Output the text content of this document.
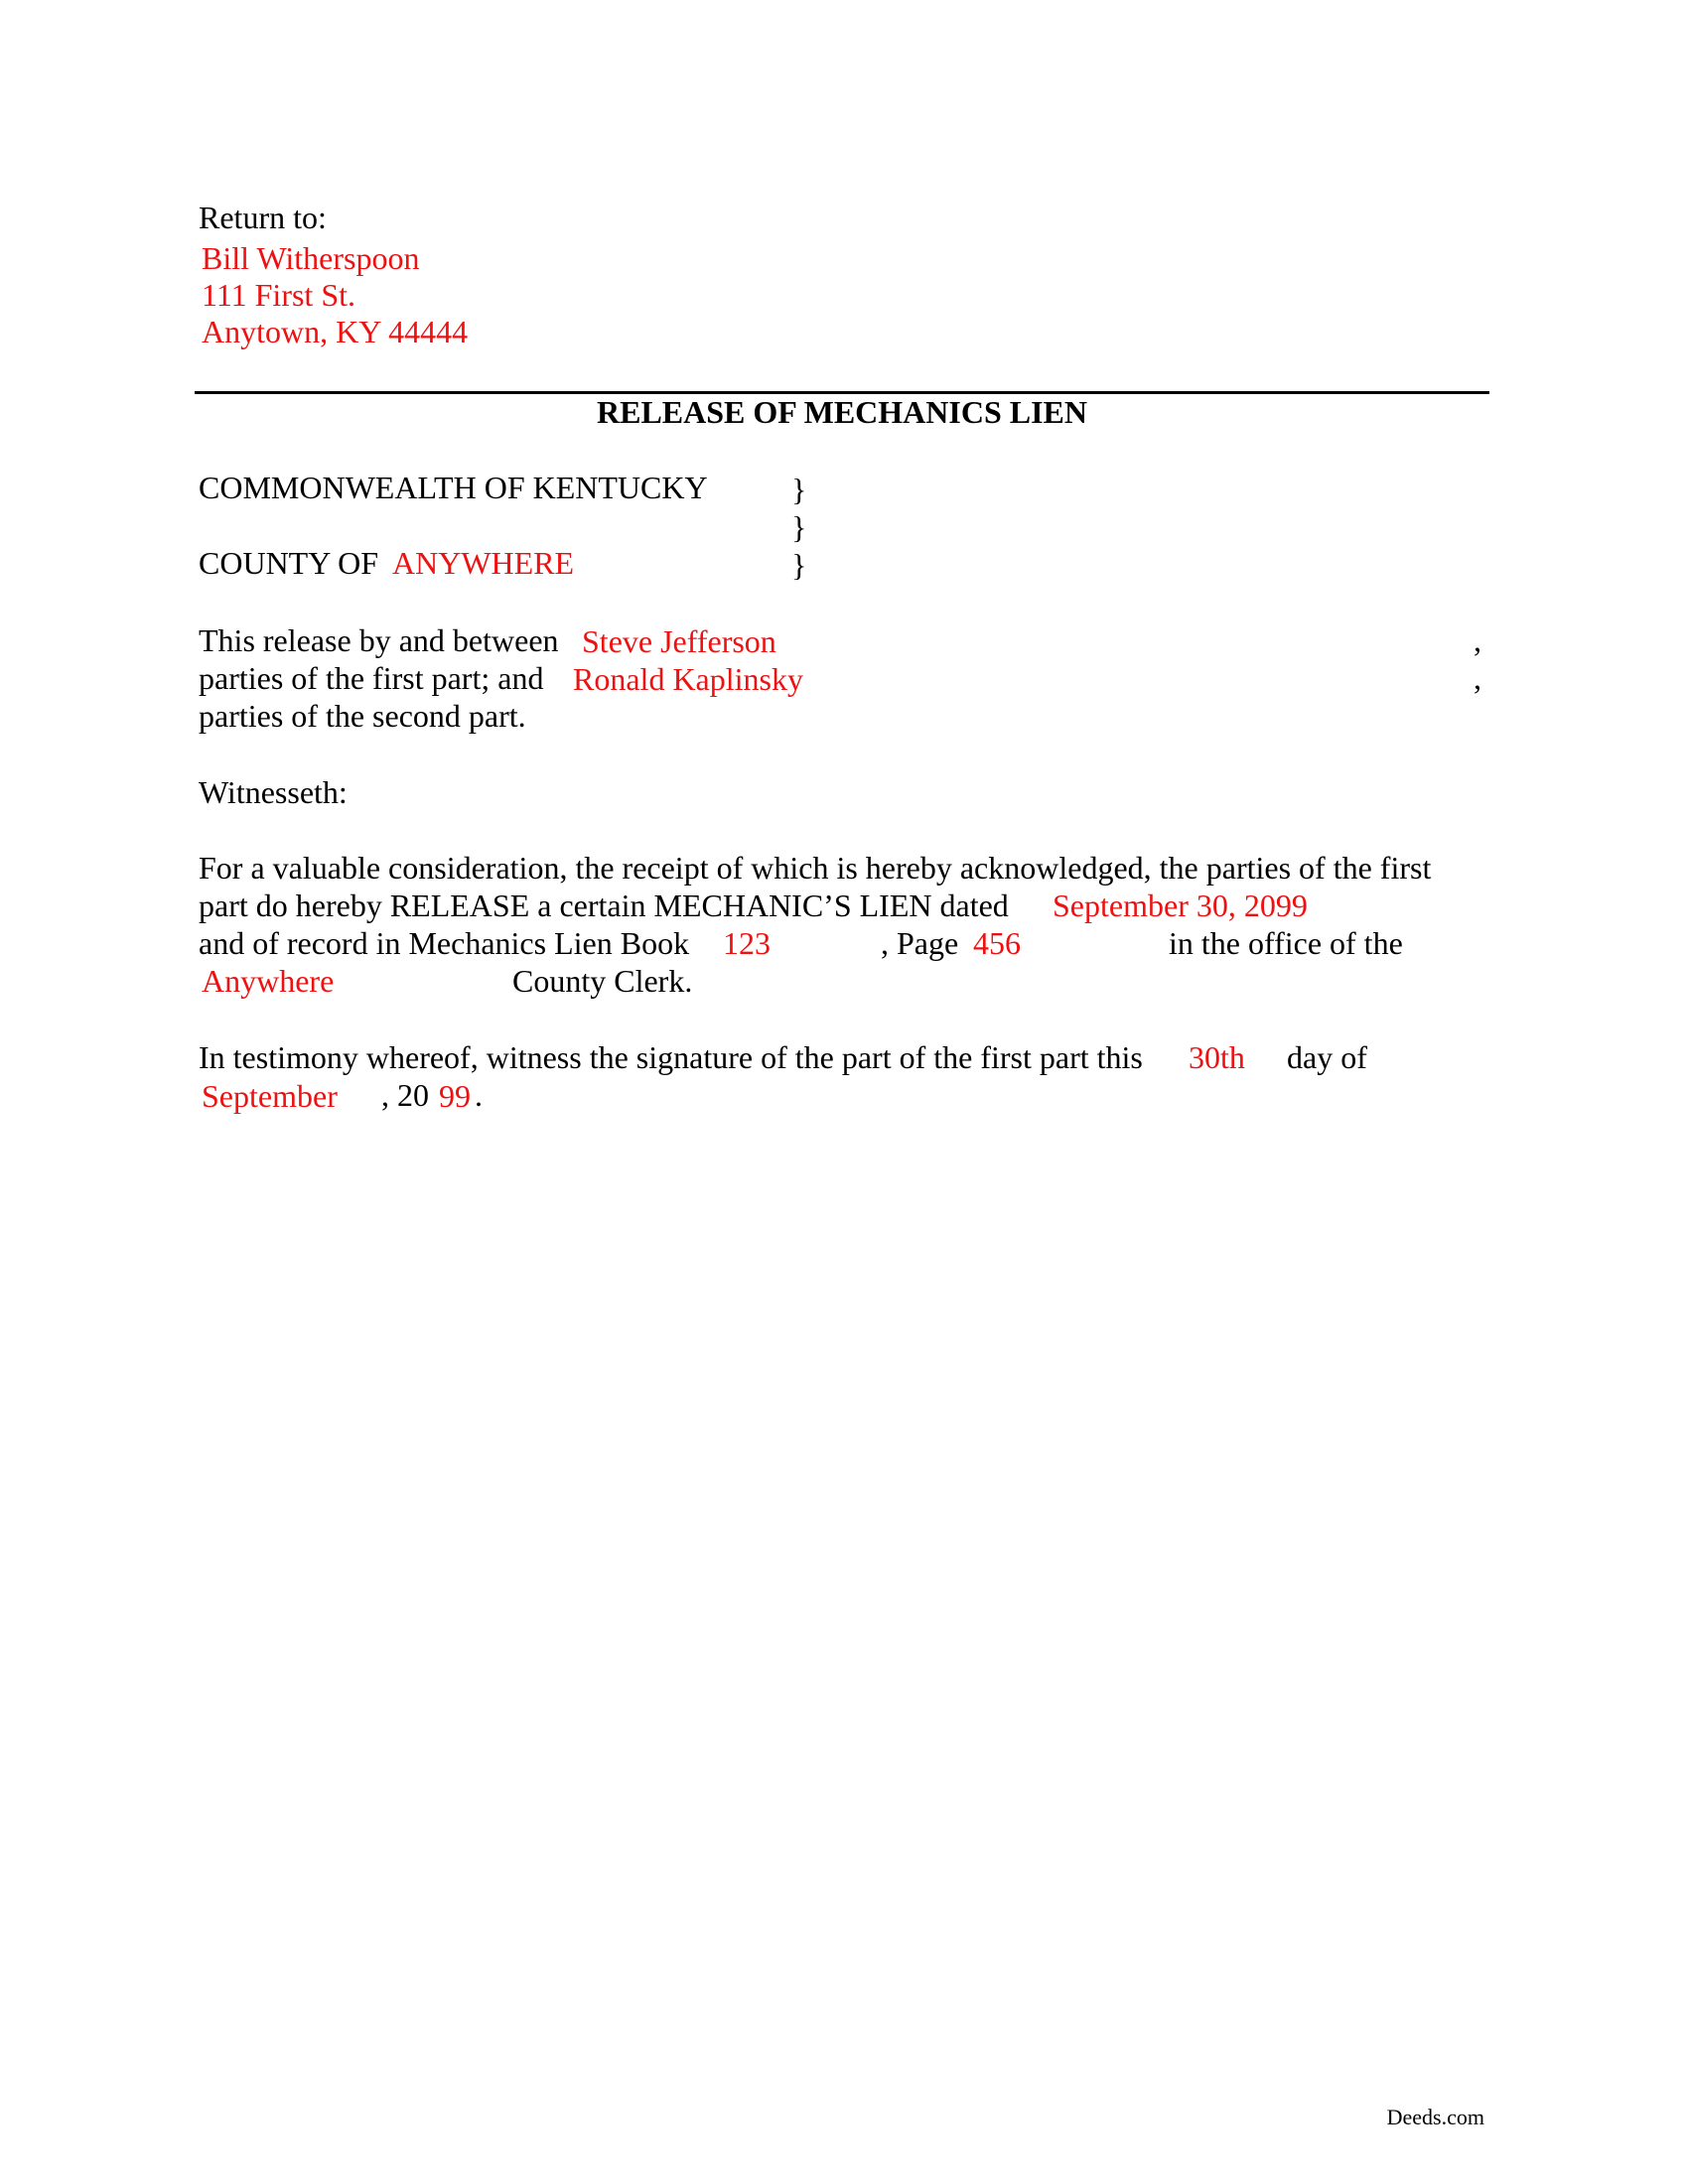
Return to:
Bill Witherspoon
111 First St.
Anytown, KY 44444
RELEASE OF MECHANICS LIEN
COMMONWEALTH OF KENTUCKY	}
}
}
COUNTY OF ANYWHERE
This release by and between Steve Jefferson	,
parties of the first part; and Ronald Kaplinsky	,
parties of the second part.
Witnesseth:
For a valuable consideration, the receipt of which is hereby acknowledged, the parties of the first
part do hereby RELEASE a certain MECHANIC’S LIEN dated September 30, 2099
and of record in Mechanics Lien Book 123	, Page 456	in the office of the
Anywhere	County Clerk.
In testimony whereof, witness the signature of the part of the first part this 30th day of
September , 20 99 .
Deeds.com
